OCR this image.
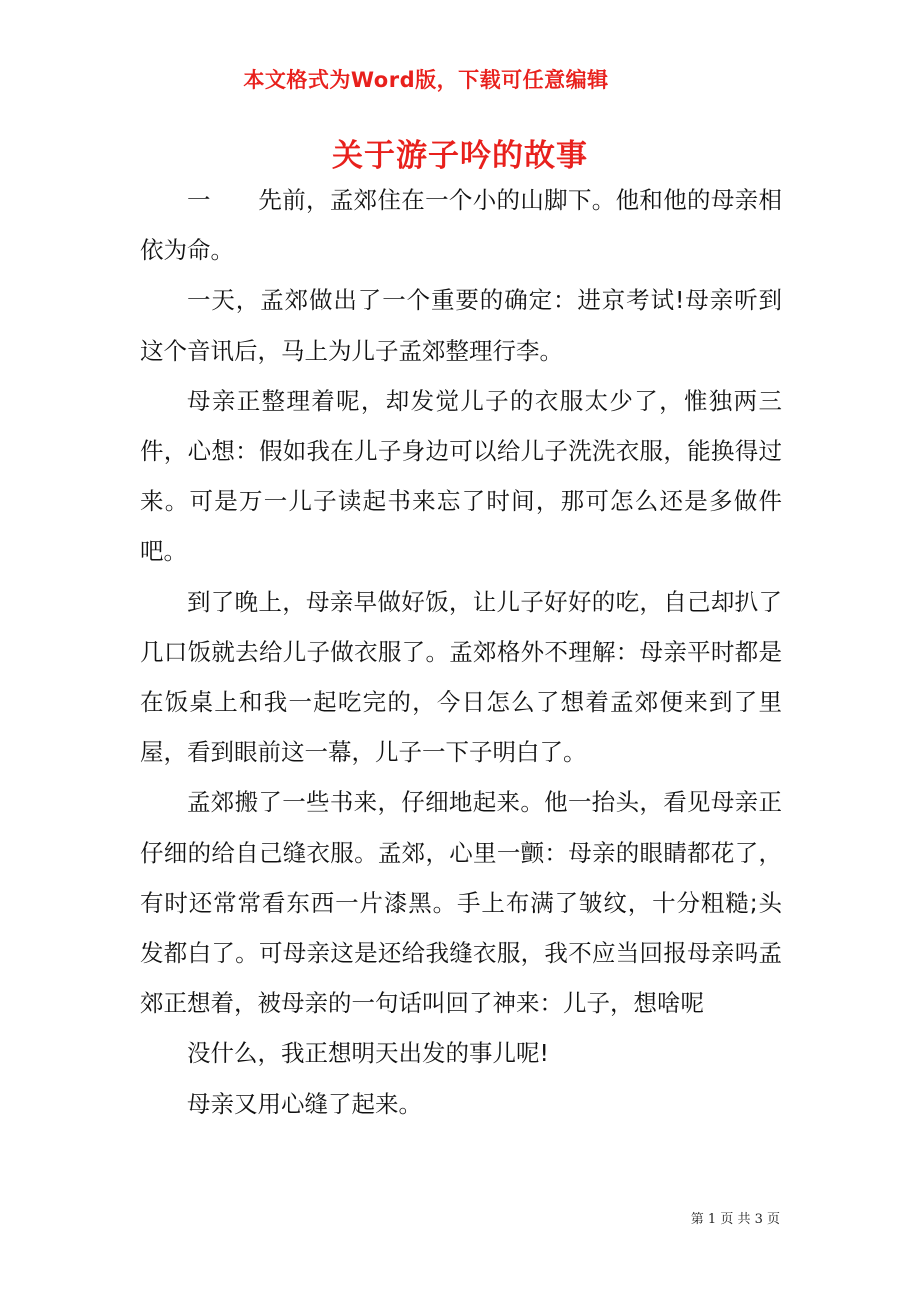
本文格式为Word版，下载可任意编辑
关于游子吟的故事

一　　先前，孟郊住在一个小的山脚下。他和他的母亲相依为命。

一天，孟郊做出了一个重要的确定：进京考试!母亲听到这个音讯后，马上为儿子孟郊整理行李。

母亲正整理着呢，却发觉儿子的衣服太少了，惟独两三件，心想：假如我在儿子身边可以给儿子洗洗衣服，能换得过来。可是万一儿子读起书来忘了时间，那可怎么还是多做件吧。

到了晚上，母亲早做好饭，让儿子好好的吃，自己却扒了几口饭就去给儿子做衣服了。孟郊格外不理解：母亲平时都是在饭桌上和我一起吃完的，今日怎么了想着孟郊便来到了里屋，看到眼前这一幕，儿子一下子明白了。

孟郊搬了一些书来，仔细地起来。他一抬头，看见母亲正仔细的给自己缝衣服。孟郊，心里一颤：母亲的眼睛都花了，有时还常常看东西一片漆黑。手上布满了皱纹，十分粗糙;头发都白了。可母亲这是还给我缝衣服，我不应当回报母亲吗孟郊正想着，被母亲的一句话叫回了神来：儿子，想啥呢

没什么，我正想明天出发的事儿呢!

母亲又用心缝了起来。

第 1 页 共 3 页
